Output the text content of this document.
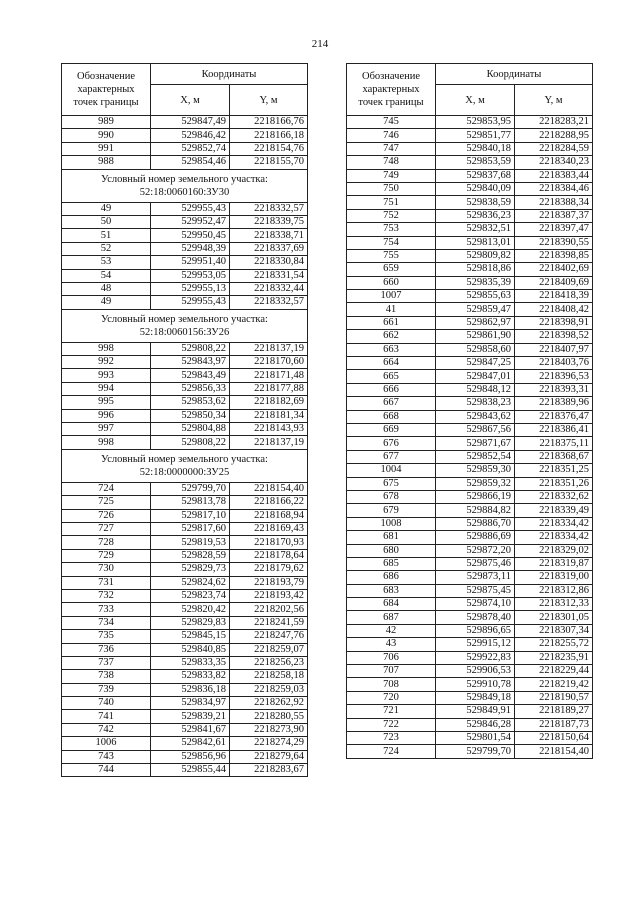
214
Обозначение характерных точек границы	Координаты	
	X, м	Y, м
989	529847,49	2218166,76
990	529846,42	2218166,18
991	529852,74	2218154,76
988	529854,46	2218155,70
Условный номер земельного участка: 52:18:0060160:ЗУ30		
49	529955,43	2218332,57
50	529952,47	2218339,75
51	529950,45	2218338,71
52	529948,39	2218337,69
53	529951,40	2218330,84
54	529953,05	2218331,54
48	529955,13	2218332,44
49	529955,43	2218332,57
Условный номер земельного участка: 52:18:0060156:ЗУ26		
998	529808,22	2218137,19
992	529843,97	2218170,60
993	529843,49	2218171,48
994	529856,33	2218177,88
995	529853,62	2218182,69
996	529850,34	2218181,34
997	529804,88	2218143,93
998	529808,22	2218137,19
Условный номер земельного участка: 52:18:0000000:ЗУ25		
724	529799,70	2218154,40
725	529813,78	2218166,22
726	529817,10	2218168,94
727	529817,60	2218169,43
728	529819,53	2218170,93
729	529828,59	2218178,64
730	529829,73	2218179,62
731	529824,62	2218193,79
732	529823,74	2218193,42
733	529820,42	2218202,56
734	529829,83	2218241,59
735	529845,15	2218247,76
736	529840,85	2218259,07
737	529833,35	2218256,23
738	529833,82	2218258,18
739	529836,18	2218259,03
740	529834,97	2218262,92
741	529839,21	2218280,55
742	529841,67	2218273,90
1006	529842,61	2218274,29
743	529856,96	2218279,64
744	529855,44	2218283,67
Обозначение характерных точек границы	Координаты	
	X, м	Y, м
745	529853,95	2218283,21
746	529851,77	2218288,95
747	529840,18	2218284,59
748	529853,59	2218340,23
749	529837,68	2218383,44
750	529840,09	2218384,46
751	529838,59	2218388,34
752	529836,23	2218387,37
753	529832,51	2218397,47
754	529813,01	2218390,55
755	529809,82	2218398,85
659	529818,86	2218402,69
660	529835,39	2218409,69
1007	529855,63	2218418,39
41	529859,47	2218408,42
661	529862,97	2218398,91
662	529861,90	2218398,52
663	529858,60	2218407,97
664	529847,25	2218403,76
665	529847,01	2218396,53
666	529848,12	2218393,31
667	529838,23	2218389,96
668	529843,62	2218376,47
669	529867,56	2218386,41
676	529871,67	2218375,11
677	529852,54	2218368,67
1004	529859,30	2218351,25
675	529859,32	2218351,26
678	529866,19	2218332,62
679	529884,82	2218339,49
1008	529886,70	2218334,42
681	529886,69	2218334,42
680	529872,20	2218329,02
685	529875,46	2218319,87
686	529873,11	2218319,00
683	529875,45	2218312,86
684	529874,10	2218312,33
687	529878,40	2218301,05
42	529896,65	2218307,34
43	529915,12	2218255,72
706	529922,83	2218235,91
707	529906,53	2218229,44
708	529910,78	2218219,42
720	529849,18	2218190,57
721	529849,91	2218189,27
722	529846,28	2218187,73
723	529801,54	2218150,64
724	529799,70	2218154,40
